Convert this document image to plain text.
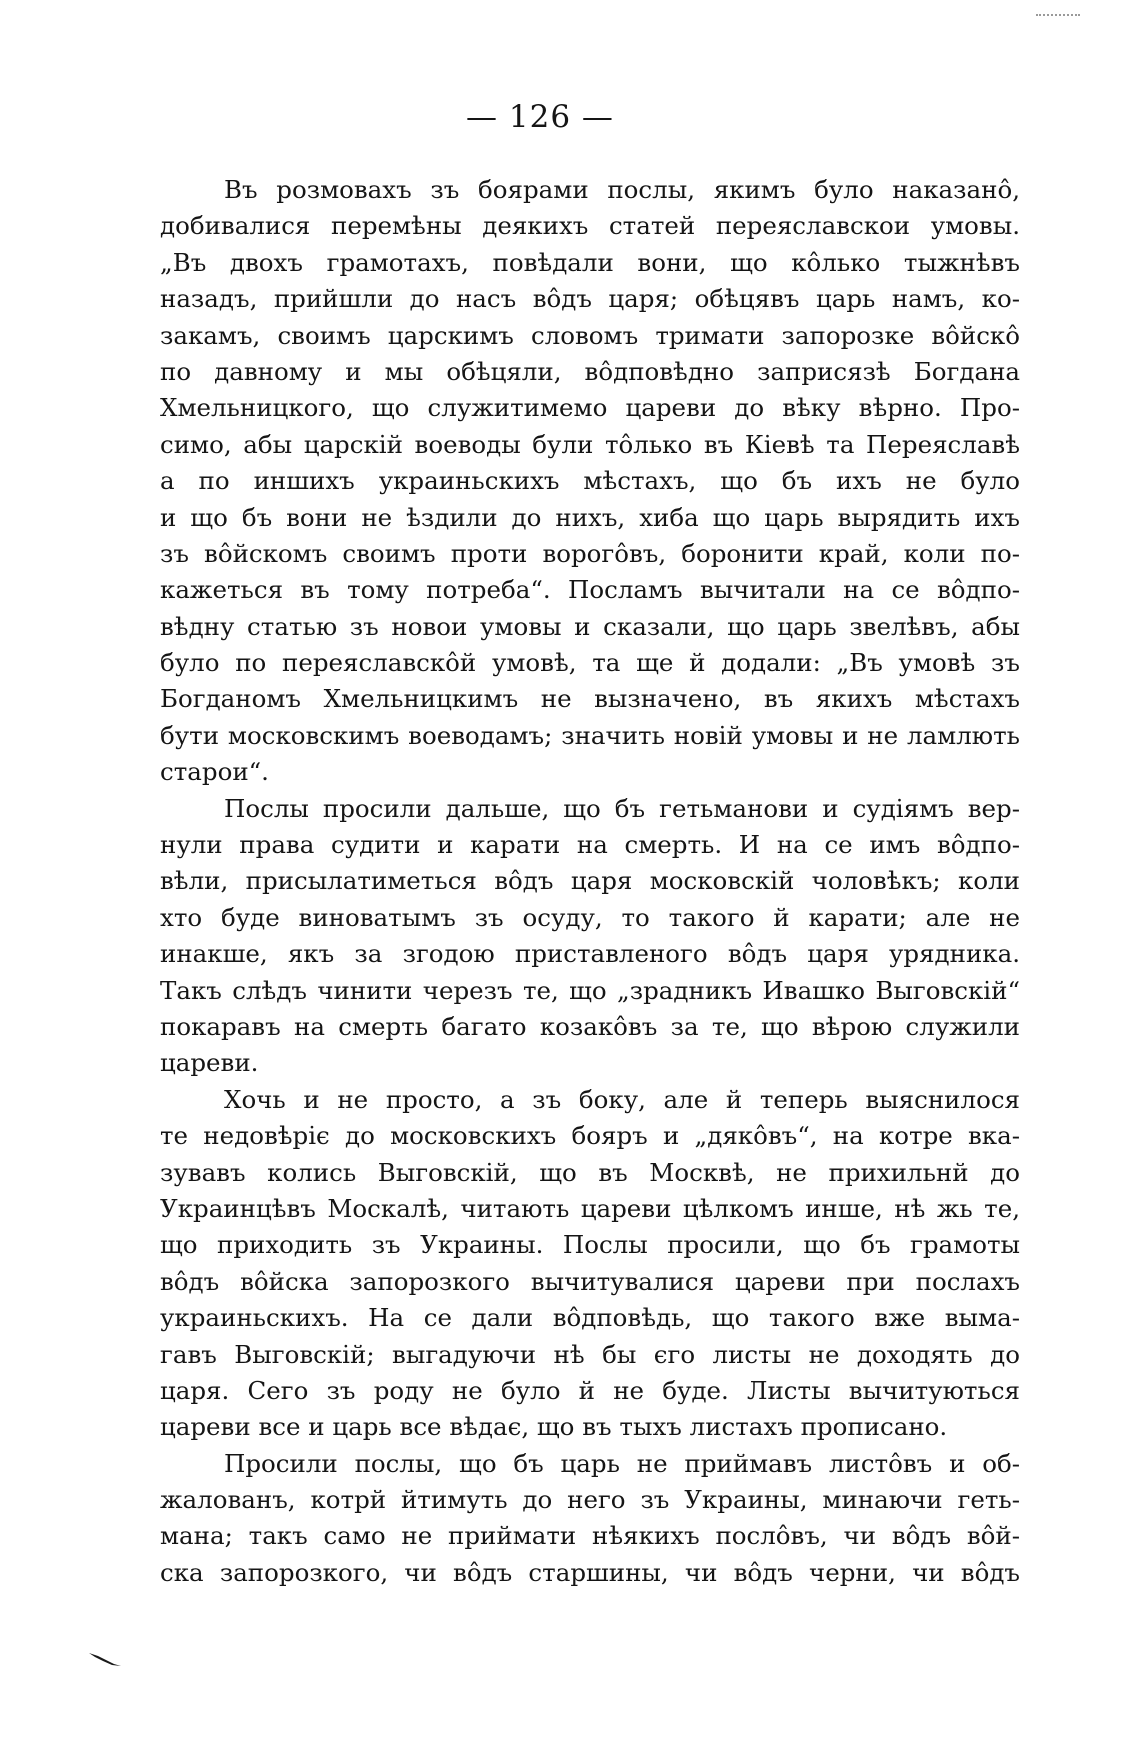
— 126 —
Въ розмовахъ зъ боярами послы, якимъ було наказанô,
добивалися перемѣны деякихъ статей переяславскои умовы.
„Въ двохъ грамотахъ, повѣдали вони, що кôлько тыжнѣвъ
назадъ, прийшли до насъ вôдъ царя; обѣцявъ царь намъ, ко-
закамъ, своимъ царскимъ словомъ тримати запорозке вôйскô
по давному и мы обѣцяли, вôдповѣдно заприсязѣ Богдана
Хмельницкого, що служитимемо цареви до вѣку вѣрно. Про-
симо, абы царскій воеводы були тôлько въ Кіевѣ та Переяславѣ
а по иншихъ украиньскихъ мѣстахъ, що бъ ихъ не було
и що бъ вони не ѣздили до нихъ, хиба що царь вырядить ихъ
зъ вôйскомъ своимъ проти ворогôвъ, боронити край, коли по-
кажеться въ тому потреба“. Посламъ вычитали на се вôдпо-
вѣдну статью зъ новои умовы и сказали, що царь звелѣвъ, абы
було по переяславскôй умовѣ, та ще й додали: „Въ умовѣ зъ
Богданомъ Хмельницкимъ не вызначено, въ якихъ мѣстахъ
бути московскимъ воеводамъ; значить новій умовы и не ламлють
старои“.
Послы просили дальше, що бъ гетьманови и судіямъ вер-
нули права судити и карати на смерть. И на се имъ вôдпо-
вѣли, присылатиметься вôдъ царя московскій чоловѣкъ; коли
хто буде виноватымъ зъ осуду, то такого й карати; але не
инакше, якъ за згодою приставленого вôдъ царя урядника.
Такъ слѣдъ чинити черезъ те, що „зрадникъ Ивашко Выговскій“
покаравъ на смерть багато козакôвъ за те, що вѣрою служили
цареви.
Хочь и не просто, а зъ боку, але й теперь выяснилося
те недовѣріє до московскихъ бояръ и „дякôвъ“, на котре вка-
зувавъ колись Выговскій, що въ Москвѣ, не прихильнй до
Украинцѣвъ Москалѣ, читають цареви цѣлкомъ инше, нѣ жь те,
що приходить зъ Украины. Послы просили, що бъ грамоты
вôдъ вôйска запорозкого вычитувалися цареви при послахъ
украиньскихъ. На се дали вôдповѣдь, що такого вже вымa-
гавъ Выговскій; выгадуючи нѣ бы єго листы не доходять до
царя. Сего зъ роду не було й не буде. Листы вычитуються
цареви все и царь все вѣдає, що въ тыхъ листахъ прописано.
Просили послы, що бъ царь не приймавъ листôвъ и об-
жалованъ, котрй йтимуть до него зъ Украины, минаючи геть-
мана; такъ само не приймати нѣякихъ послôвъ, чи вôдъ вôй-
ска запорозкого, чи вôдъ старшины, чи вôдъ черни, чи вôдъ
